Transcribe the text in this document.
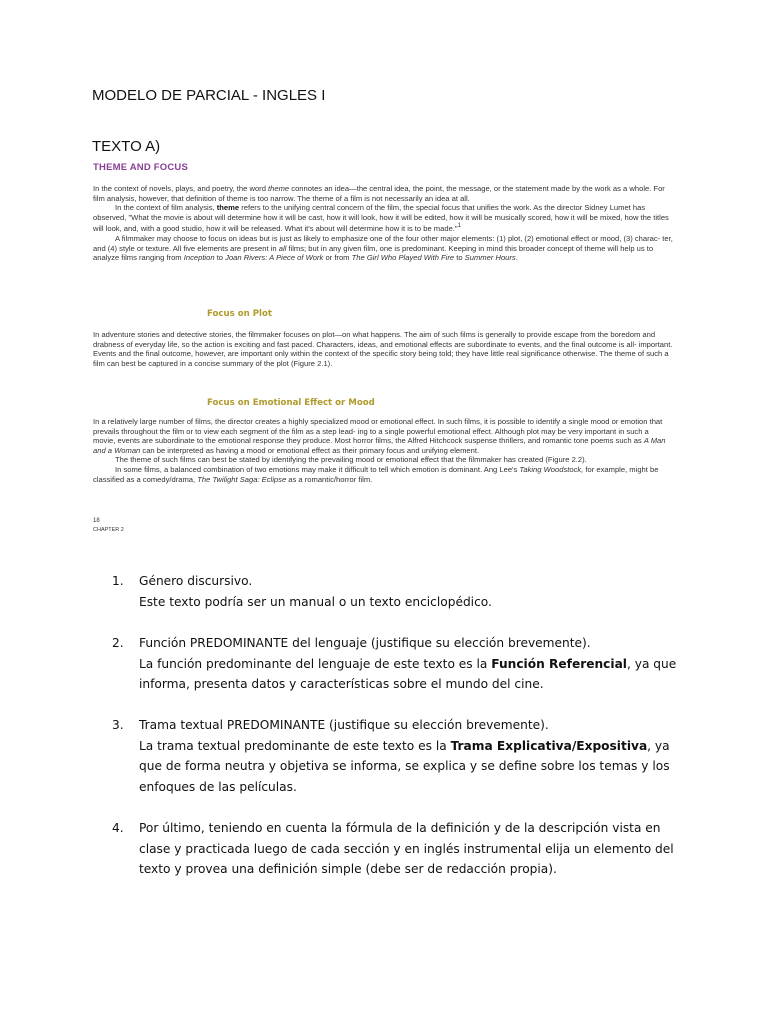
MODELO DE PARCIAL - INGLES I
TEXTO A)
THEME AND FOCUS

In the context of novels, plays, and poetry, the word theme connotes an idea—the central idea, the point, the message, or the statement made by the work as a whole. For film analysis, however, that definition of theme is too narrow. The theme of a film is not necessarily an idea at all.

In the context of film analysis, theme refers to the unifying central concern of the film, the special focus that unifies the work. As the director Sidney Lumet has observed, "What the movie is about will determine how it will be cast, how it will look, how it will be edited, how it will be musically scored, how it will be mixed, how the titles will look, and, with a good studio, how it will be released. What it's about will determine how it is to be made."$^1$

A filmmaker may choose to focus on ideas but is just as likely to emphasize one of the four other major elements: (1) plot, (2) emotional effect or mood, (3) charac- ter, and (4) style or texture. All five elements are present in all films; but in any given film, one is predominant. Keeping in mind this broader concept of theme will help us to analyze films ranging from Inception to Joan Rivers: A Piece of Work or from The Girl Who Played With Fire to Summer Hours.

Focus on Plot

In adventure stories and detective stories, the filmmaker focuses on plot—on what happens. The aim of such films is generally to provide escape from the boredom and drabness of everyday life, so the action is exciting and fast paced. Characters, ideas, and emotional effects are subordinate to events, and the final outcome is all- important. Events and the final outcome, however, are important only within the context of the specific story being told; they have little real significance otherwise. The theme of such a film can best be captured in a concise summary of the plot (Figure 2.1).

Focus on Emotional Effect or Mood

In a relatively large number of films, the director creates a highly specialized mood or emotional effect. In such films, it is possible to identify a single mood or emotion that prevails throughout the film or to view each segment of the film as a step lead- ing to a single powerful emotional effect. Although plot may be very important in such a movie, events are subordinate to the emotional response they produce. Most horror films, the Alfred Hitchcock suspense thrillers, and romantic tone poems such as A Man and a Woman can be interpreted as having a mood or emotional effect as their primary focus and unifying element.

The theme of such films can best be stated by identifying the prevailing mood or emotional effect that the filmmaker has created (Figure 2.2).

In some films, a balanced combination of two emotions may make it difficult to tell which emotion is dominant. Ang Lee's Taking Woodstock, for example, might be classified as a comedy/drama, The Twilight Saga: Eclipse as a romantic/horror film.

18
CHAPTER 2
1. Género discursivo.
Este texto podría ser un manual o un texto enciclopédico.
2. Función PREDOMINANTE del lenguaje (justifique su elección brevemente).
La función predominante del lenguaje de este texto es la Función Referencial, ya que informa, presenta datos y características sobre el mundo del cine.
3. Trama textual PREDOMINANTE (justifique su elección brevemente).
La trama textual predominante de este texto es la Trama Explicativa/Expositiva, ya que de forma neutra y objetiva se informa, se explica y se define sobre los temas y los enfoques de las películas.
4. Por último, teniendo en cuenta la fórmula de la definición y de la descripción vista en clase y practicada luego de cada sección y en inglés instrumental elija un elemento del texto y provea una definición simple (debe ser de redacción propia).
